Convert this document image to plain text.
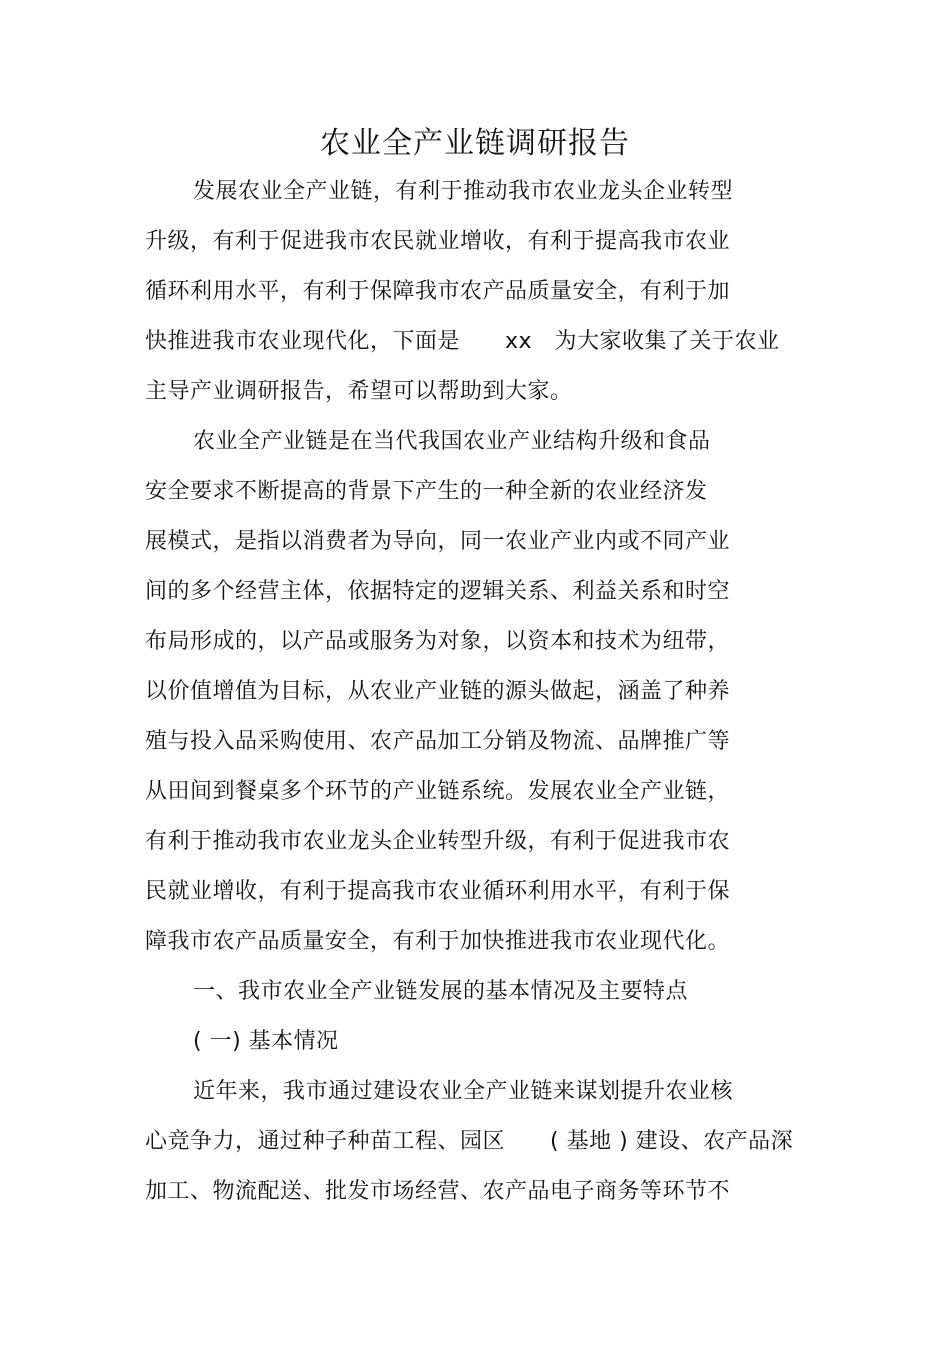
农业全产业链调研报告
发展农业全产业链，有利于推动我市农业龙头企业转型
升级，有利于促进我市农民就业增收，有利于提高我市农业
循环利用水平，有利于保障我市农产品质量安全，有利于加
快推进我市农业现代化，下面是　　xx　为大家收集了关于农业
主导产业调研报告，希望可以帮助到大家。
农业全产业链是在当代我国农业产业结构升级和食品
安全要求不断提高的背景下产生的一种全新的农业经济发
展模式，是指以消费者为导向，同一农业产业内或不同产业
间的多个经营主体，依据特定的逻辑关系、利益关系和时空
布局形成的，以产品或服务为对象，以资本和技术为纽带，
以价值增值为目标，从农业产业链的源头做起，涵盖了种养
殖与投入品采购使用、农产品加工分销及物流、品牌推广等
从田间到餐桌多个环节的产业链系统。发展农业全产业链，
有利于推动我市农业龙头企业转型升级，有利于促进我市农
民就业增收，有利于提高我市农业循环利用水平，有利于保
障我市农产品质量安全，有利于加快推进我市农业现代化。
一、我市农业全产业链发展的基本情况及主要特点
( 一) 基本情况
近年来，我市通过建设农业全产业链来谋划提升农业核
心竞争力，通过种子种苗工程、园区　　( 基地 ) 建设、农产品深
加工、物流配送、批发市场经营、农产品电子商务等环节不
